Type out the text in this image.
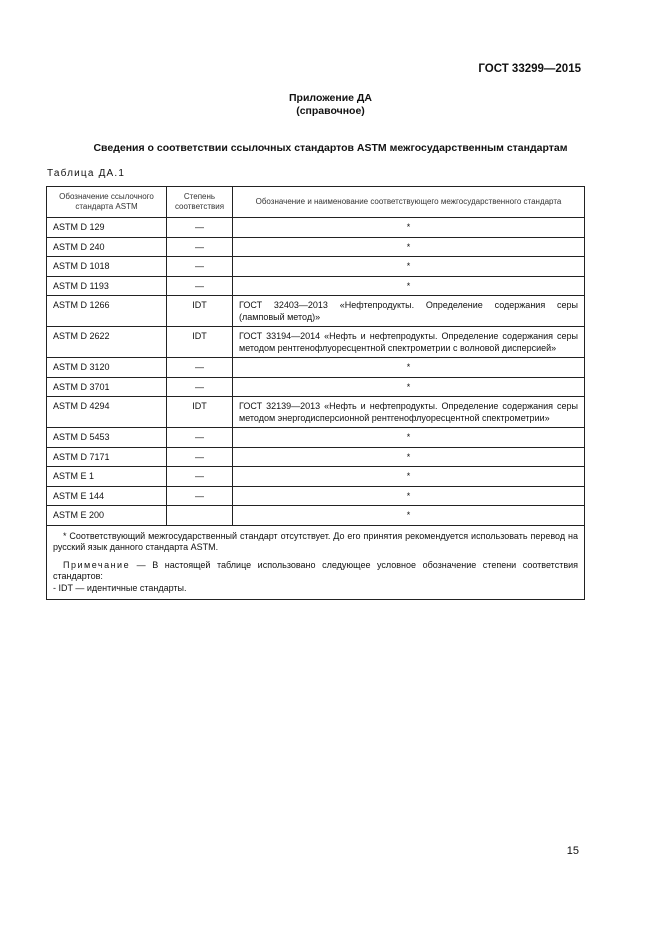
ГОСТ 33299—2015
Приложение ДА
(справочное)
Сведения о соответствии ссылочных стандартов ASTM межгосударственным стандартам
Таблица ДА.1
Обозначение ссылочного стандарта ASTM	Степень соответствия	Обозначение и наименование соответствующего межгосударственного стандарта
ASTM D 129	—	*
ASTM D 240	—	*
ASTM D 1018	—	*
ASTM D 1193	—	*
ASTM D 1266	IDT	ГОСТ 32403—2013 «Нефтепродукты. Определение содержания серы (ламповый метод)»
ASTM D 2622	IDT	ГОСТ 33194—2014 «Нефть и нефтепродукты. Определение содержания серы методом рентгенофлуоресцентной спектрометрии с волновой дисперсией»
ASTM D 3120	—	*
ASTM D 3701	—	*
ASTM D 4294	IDT	ГОСТ 32139—2013 «Нефть и нефтепродукты. Определение содержания серы методом энергодисперсионной рентгенофлуоресцентной спектрометрии»
ASTM D 5453	—	*
ASTM D 7171	—	*
ASTM E 1	—	*
ASTM E 144	—	*
ASTM E 200		*

* Соответствующий межгосударственный стандарт отсутствует. До его принятия рекомендуется использовать перевод на русский язык данного стандарта ASTM.

Примечание — В настоящей таблице использовано следующее условное обозначение степени соответствия стандартов:

- IDT — идентичные стандарты.		
15
